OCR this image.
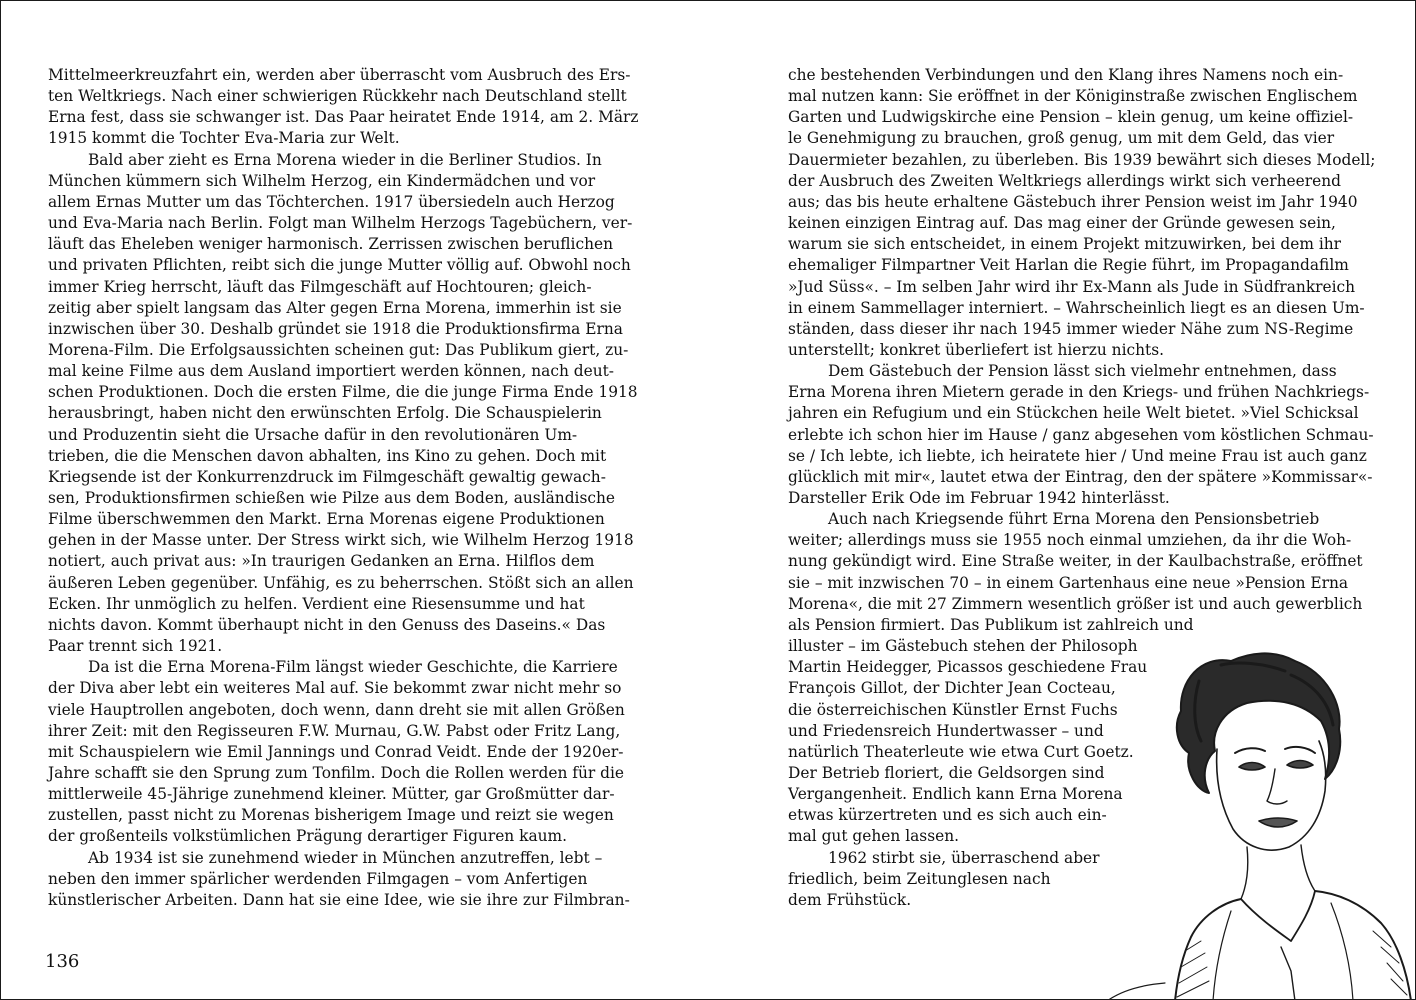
Mittelmeerkreuzfahrt ein, werden aber überrascht vom Ausbruch des Ers-
ten Weltkriegs. Nach einer schwierigen Rückkehr nach Deutschland stellt
Erna fest, dass sie schwanger ist. Das Paar heiratet Ende 1914, am 2. März
1915 kommt die Tochter Eva-Maria zur Welt.
Bald aber zieht es Erna Morena wieder in die Berliner Studios. In
München kümmern sich Wilhelm Herzog, ein Kindermädchen und vor
allem Ernas Mutter um das Töchterchen. 1917 übersiedeln auch Herzog
und Eva-Maria nach Berlin. Folgt man Wilhelm Herzogs Tagebüchern, ver-
läuft das Eheleben weniger harmonisch. Zerrissen zwischen beruflichen
und privaten Pflichten, reibt sich die junge Mutter völlig auf. Obwohl noch
immer Krieg herrscht, läuft das Filmgeschäft auf Hochtouren; gleich-
zeitig aber spielt langsam das Alter gegen Erna Morena, immerhin ist sie
inzwischen über 30. Deshalb gründet sie 1918 die Produktionsfirma Erna
Morena-Film. Die Erfolgsaussichten scheinen gut: Das Publikum giert, zu-
mal keine Filme aus dem Ausland importiert werden können, nach deut-
schen Produktionen. Doch die ersten Filme, die die junge Firma Ende 1918
herausbringt, haben nicht den erwünschten Erfolg. Die Schauspielerin
und Produzentin sieht die Ursache dafür in den revolutionären Um-
trieben, die die Menschen davon abhalten, ins Kino zu gehen. Doch mit
Kriegsende ist der Konkurrenzdruck im Filmgeschäft gewaltig gewach-
sen, Produktionsfirmen schießen wie Pilze aus dem Boden, ausländische
Filme überschwemmen den Markt. Erna Morenas eigene Produktionen
gehen in der Masse unter. Der Stress wirkt sich, wie Wilhelm Herzog 1918
notiert, auch privat aus: »In traurigen Gedanken an Erna. Hilflos dem
äußeren Leben gegenüber. Unfähig, es zu beherrschen. Stößt sich an allen
Ecken. Ihr unmöglich zu helfen. Verdient eine Riesensumme und hat
nichts davon. Kommt überhaupt nicht in den Genuss des Daseins.« Das
Paar trennt sich 1921.
Da ist die Erna Morena-Film längst wieder Geschichte, die Karriere
der Diva aber lebt ein weiteres Mal auf. Sie bekommt zwar nicht mehr so
viele Hauptrollen angeboten, doch wenn, dann dreht sie mit allen Größen
ihrer Zeit: mit den Regisseuren F.W. Murnau, G.W. Pabst oder Fritz Lang,
mit Schauspielern wie Emil Jannings und Conrad Veidt. Ende der 1920er-
Jahre schafft sie den Sprung zum Tonfilm. Doch die Rollen werden für die
mittlerweile 45-Jährige zunehmend kleiner. Mütter, gar Großmütter dar-
zustellen, passt nicht zu Morenas bisherigem Image und reizt sie wegen
der großenteils volkstümlichen Prägung derartiger Figuren kaum.
Ab 1934 ist sie zunehmend wieder in München anzutreffen, lebt –
neben den immer spärlicher werdenden Filmgagen – vom Anfertigen
künstlerischer Arbeiten. Dann hat sie eine Idee, wie sie ihre zur Filmbran-
136
che bestehenden Verbindungen und den Klang ihres Namens noch ein-
mal nutzen kann: Sie eröffnet in der Königinstraße zwischen Englischem
Garten und Ludwigskirche eine Pension – klein genug, um keine offiziel-
le Genehmigung zu brauchen, groß genug, um mit dem Geld, das vier
Dauermieter bezahlen, zu überleben. Bis 1939 bewährt sich dieses Modell;
der Ausbruch des Zweiten Weltkriegs allerdings wirkt sich verheerend
aus; das bis heute erhaltene Gästebuch ihrer Pension weist im Jahr 1940
keinen einzigen Eintrag auf. Das mag einer der Gründe gewesen sein,
warum sie sich entscheidet, in einem Projekt mitzuwirken, bei dem ihr
ehemaliger Filmpartner Veit Harlan die Regie führt, im Propagandafilm
»Jud Süss«. – Im selben Jahr wird ihr Ex-Mann als Jude in Südfrankreich
in einem Sammellager interniert. – Wahrscheinlich liegt es an diesen Um-
ständen, dass dieser ihr nach 1945 immer wieder Nähe zum NS-Regime
unterstellt; konkret überliefert ist hierzu nichts.
Dem Gästebuch der Pension lässt sich vielmehr entnehmen, dass
Erna Morena ihren Mietern gerade in den Kriegs- und frühen Nachkriegs-
jahren ein Refugium und ein Stückchen heile Welt bietet. »Viel Schicksal
erlebte ich schon hier im Hause / ganz abgesehen vom köstlichen Schmau-
se / Ich lebte, ich liebte, ich heiratete hier / Und meine Frau ist auch ganz
glücklich mit mir«, lautet etwa der Eintrag, den der spätere »Kommissar«-
Darsteller Erik Ode im Februar 1942 hinterlässt.
Auch nach Kriegsende führt Erna Morena den Pensionsbetrieb
weiter; allerdings muss sie 1955 noch einmal umziehen, da ihr die Woh-
nung gekündigt wird. Eine Straße weiter, in der Kaulbachstraße, eröffnet
sie – mit inzwischen 70 – in einem Gartenhaus eine neue »Pension Erna
Morena«, die mit 27 Zimmern wesentlich größer ist und auch gewerblich
als Pension firmiert. Das Publikum ist zahlreich und
illuster – im Gästebuch stehen der Philosoph
Martin Heidegger, Picassos geschiedene Frau
François Gillot, der Dichter Jean Cocteau,
die österreichischen Künstler Ernst Fuchs
und Friedensreich Hundertwasser – und
natürlich Theaterleute wie etwa Curt Goetz.
Der Betrieb floriert, die Geldsorgen sind
Vergangenheit. Endlich kann Erna Morena
etwas kürzertreten und es sich auch ein-
mal gut gehen lassen.
1962 stirbt sie, überraschend aber
friedlich, beim Zeitunglesen nach
dem Frühstück.
